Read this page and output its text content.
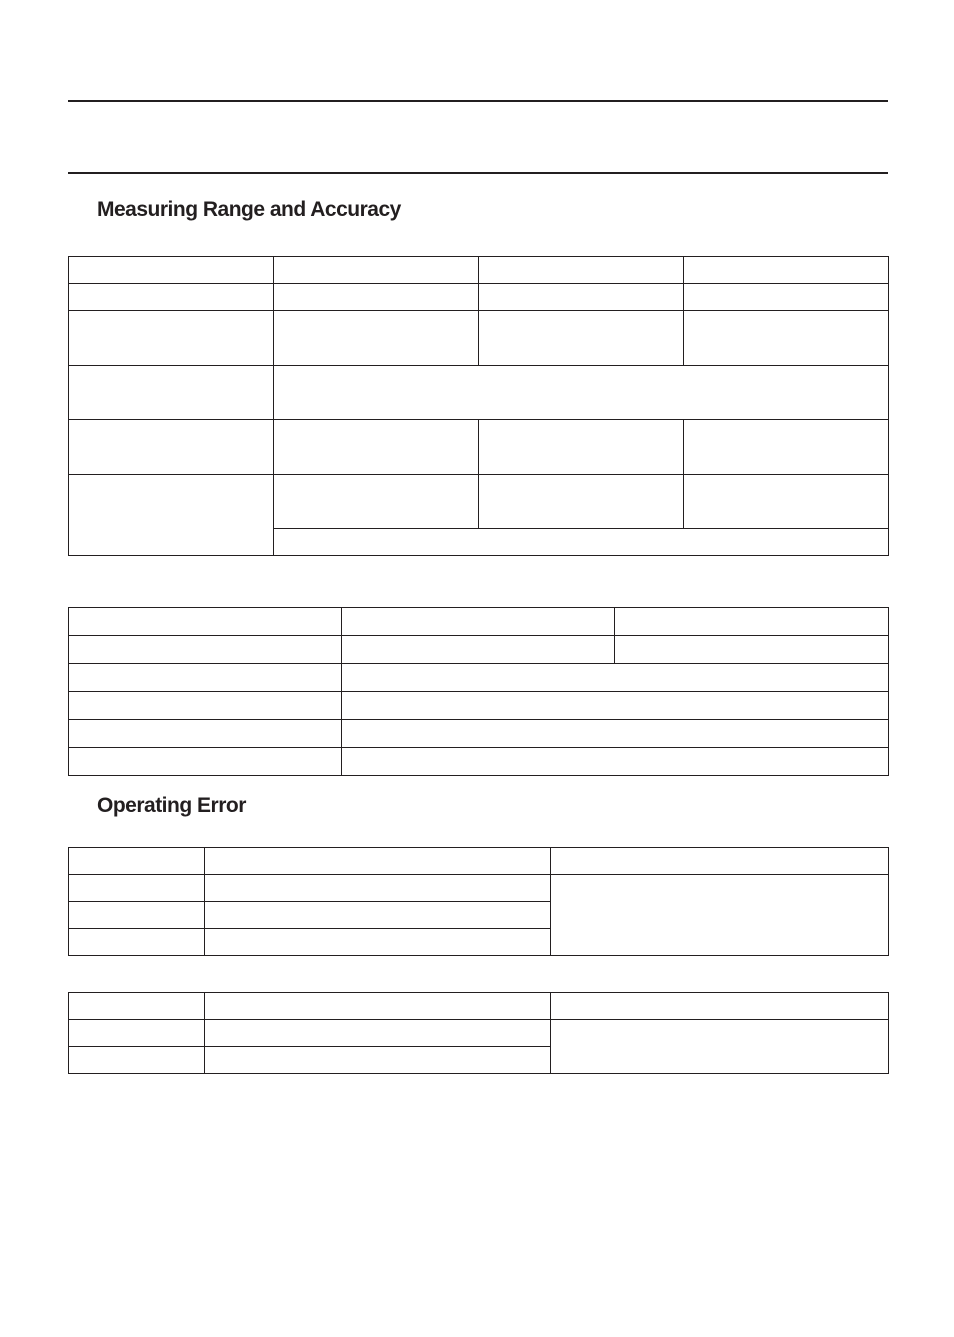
Measuring Range and Accuracy

Operating Error
